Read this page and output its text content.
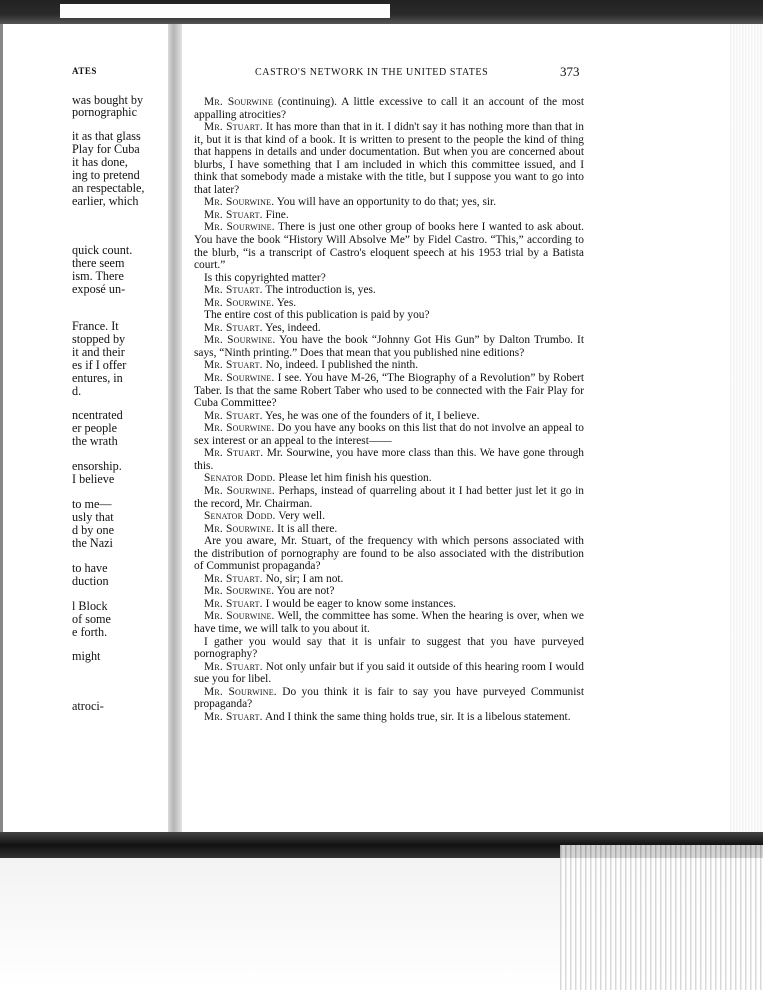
ATES
was bought by
pornographic
it as that glass
Play for Cuba
it has done,
ing to pretend
an respectable,
earlier, which
quick count.
there seem
ism. There
exposé un-
France. It
stopped by
it and their
es if I offer
entures, in
d.
ncentrated
er people
the wrath
ensorship.
I believe
to me—
usly that
d by one
the Nazi
to have
duction
l Block
of some
e forth.
might
atroci-
CASTRO'S NETWORK IN THE UNITED STATES	373

Mr. Sourwine (continuing). A little excessive to call it an account of the most appalling atrocities?

Mr. Stuart. It has more than that in it. I didn't say it has nothing more than that in it, but it is that kind of a book. It is written to present to the people the kind of thing that happens in details and under documentation. But when you are concerned about blurbs, I have something that I am included in which this committee issued, and I think that somebody made a mistake with the title, but I suppose you want to go into that later?

Mr. Sourwine. You will have an opportunity to do that; yes, sir.

Mr. Stuart. Fine.

Mr. Sourwine. There is just one other group of books here I wanted to ask about. You have the book “History Will Absolve Me” by Fidel Castro. “This,” according to the blurb, “is a transcript of Castro's eloquent speech at his 1953 trial by a Batista court.”

Is this copyrighted matter?

Mr. Stuart. The introduction is, yes.

Mr. Sourwine. Yes.

The entire cost of this publication is paid by you?

Mr. Stuart. Yes, indeed.

Mr. Sourwine. You have the book “Johnny Got His Gun” by Dalton Trumbo. It says, “Ninth printing.” Does that mean that you published nine editions?

Mr. Stuart. No, indeed. I published the ninth.

Mr. Sourwine. I see. You have M-26, “The Biography of a Revolution” by Robert Taber. Is that the same Robert Taber who used to be connected with the Fair Play for Cuba Committee?

Mr. Stuart. Yes, he was one of the founders of it, I believe.

Mr. Sourwine. Do you have any books on this list that do not involve an appeal to sex interest or an appeal to the interest——

Mr. Stuart. Mr. Sourwine, you have more class than this. We have gone through this.

Senator Dodd. Please let him finish his question.

Mr. Sourwine. Perhaps, instead of quarreling about it I had better just let it go in the record, Mr. Chairman.

Senator Dodd. Very well.

Mr. Sourwine. It is all there.

Are you aware, Mr. Stuart, of the frequency with which persons associated with the distribution of pornography are found to be also associated with the distribution of Communist propaganda?

Mr. Stuart. No, sir; I am not.

Mr. Sourwine. You are not?

Mr. Stuart. I would be eager to know some instances.

Mr. Sourwine. Well, the committee has some. When the hearing is over, when we have time, we will talk to you about it.

I gather you would say that it is unfair to suggest that you have purveyed pornography?

Mr. Stuart. Not only unfair but if you said it outside of this hearing room I would sue you for libel.

Mr. Sourwine. Do you think it is fair to say you have purveyed Communist propaganda?

Mr. Stuart. And I think the same thing holds true, sir. It is a libelous statement.
